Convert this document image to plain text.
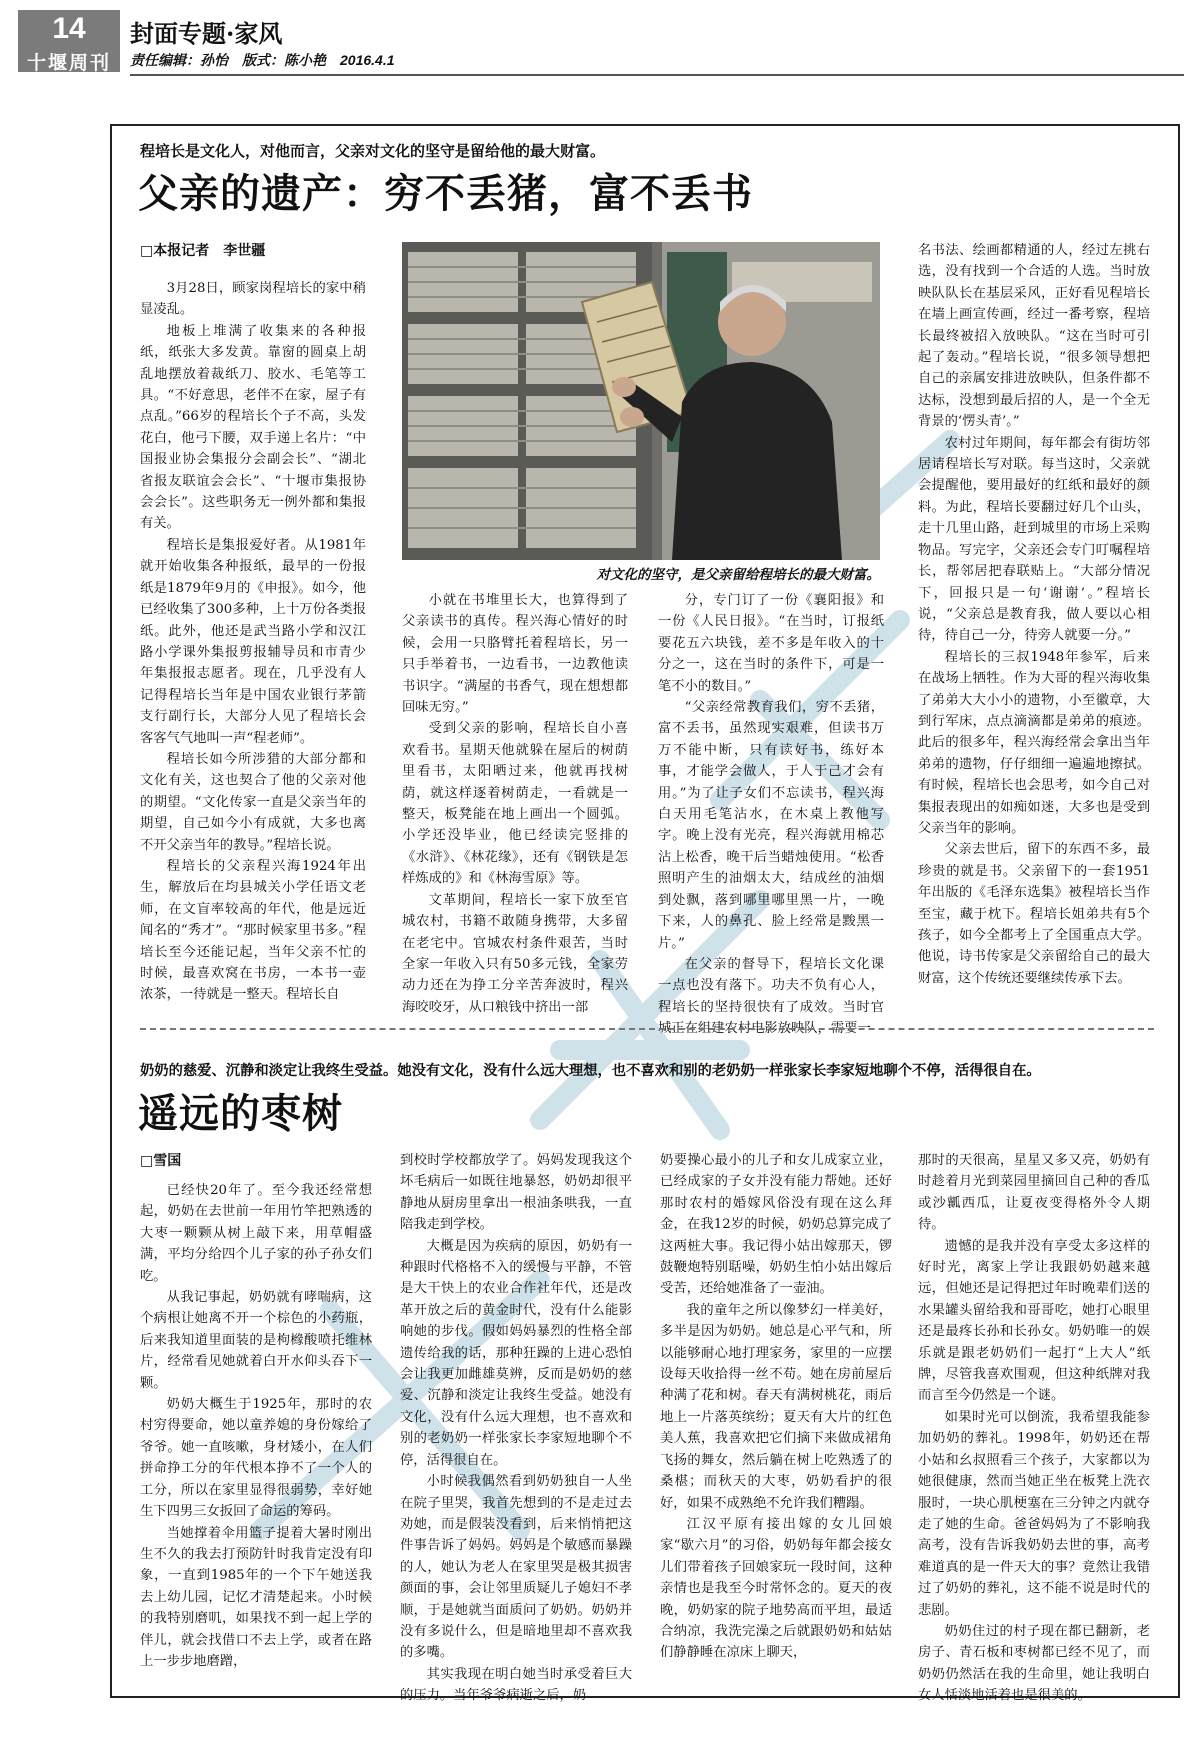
14
十堰周刊
封面专题·家风
责任编辑：孙怡　版式：陈小艳　2016.4.1
程培长是文化人，对他而言，父亲对文化的坚守是留给他的最大财富。
父亲的遗产：穷不丢猪，富不丢书
□本报记者　李世疆

3月28日，顾家岗程培长的家中稍显凌乱。

地板上堆满了收集来的各种报纸，纸张大多发黄。靠窗的圆桌上胡乱地摆放着裁纸刀、胶水、毛笔等工具。“不好意思，老伴不在家，屋子有点乱。”66岁的程培长个子不高，头发花白，他弓下腰，双手递上名片：“中国报业协会集报分会副会长”、“湖北省报友联谊会会长”、“十堰市集报协会会长”。这些职务无一例外都和集报有关。

程培长是集报爱好者。从1981年就开始收集各种报纸，最早的一份报纸是1879年9月的《申报》。如今，他已经收集了300多种，上十万份各类报纸。此外，他还是武当路小学和汉江路小学课外集报剪报辅导员和市青少年集报报志愿者。现在，几乎没有人记得程培长当年是中国农业银行茅箭支行副行长，大部分人见了程培长会客客气气地叫一声“程老师”。

程培长如今所涉猎的大部分都和文化有关，这也契合了他的父亲对他的期望。“文化传家一直是父亲当年的期望，自己如今小有成就，大多也离不开父亲当年的教导。”程培长说。

程培长的父亲程兴海1924年出生，解放后在均县城关小学任语文老师，在文盲率较高的年代，他是远近闻名的“秀才”。“那时候家里书多。”程培长至今还能记起，当年父亲不忙的时候，最喜欢窝在书房，一本书一壶浓茶，一待就是一整天。程培长自

对文化的坚守，是父亲留给程培长的最大财富。

小就在书堆里长大，也算得到了父亲读书的真传。程兴海心情好的时候，会用一只胳臂托着程培长，另一只手举着书，一边看书，一边教他读书识字。“满屋的书香气，现在想想都回味无穷。”

受到父亲的影响，程培长自小喜欢看书。星期天他就躲在屋后的树荫里看书，太阳晒过来，他就再找树荫，就这样逐着树荫走，一看就是一整天，板凳能在地上画出一个圆弧。小学还没毕业，他已经读完竖排的《水浒》、《林花缘》，还有《钢铁是怎样炼成的》和《林海雪原》等。

文革期间，程培长一家下放至官城农村，书籍不敢随身携带，大多留在老宅中。官城农村条件艰苦，当时全家一年收入只有50多元钱，全家劳动力还在为挣工分辛苦奔波时，程兴海咬咬牙，从口粮钱中挤出一部

分，专门订了一份《襄阳报》和一份《人民日报》。“在当时，订报纸要花五六块钱，差不多是年收入的十分之一，这在当时的条件下，可是一笔不小的数目。”

“父亲经常教育我们，穷不丢猪，富不丢书，虽然现实艰难，但读书万万不能中断，只有读好书，练好本事，才能学会做人，于人于己才会有用。”为了让子女们不忘读书，程兴海白天用毛笔沾水，在木桌上教他写字。晚上没有光亮，程兴海就用棉芯沾上松香，晚干后当蜡烛使用。“松香照明产生的油烟太大，结成丝的油烟到处飘，落到哪里哪里黑一片，一晚下来，人的鼻孔、脸上经常是黢黑一片。”

在父亲的督导下，程培长文化课一点也没有落下。功夫不负有心人，程培长的坚持很快有了成效。当时官城正在组建农村电影放映队，需要一

名书法、绘画都精通的人，经过左挑右选，没有找到一个合适的人选。当时放映队队长在基层采风，正好看见程培长在墙上画宣传画，经过一番考察，程培长最终被招入放映队。“这在当时可引起了轰动。”程培长说，“很多领导想把自己的亲属安排进放映队，但条件都不达标，没想到最后招的人，是一个全无背景的‘愣头青’。”

农村过年期间，每年都会有街坊邻居请程培长写对联。每当这时，父亲就会提醒他，要用最好的红纸和最好的颜料。为此，程培长要翻过好几个山头，走十几里山路，赶到城里的市场上采购物品。写完字，父亲还会专门叮嘱程培长，帮邻居把春联贴上。“大部分情况下，回报只是一句‘谢谢’。”程培长说，“父亲总是教育我，做人要以心相待，待自己一分，待旁人就要一分。”

程培长的三叔1948年参军，后来在战场上牺牲。作为大哥的程兴海收集了弟弟大大小小的遗物，小至徽章，大到行军床，点点滴滴都是弟弟的痕迹。此后的很多年，程兴海经常会拿出当年弟弟的遗物，仔仔细细一遍遍地擦拭。有时候，程培长也会思考，如今自己对集报表现出的如痴如迷，大多也是受到父亲当年的影响。

父亲去世后，留下的东西不多，最珍贵的就是书。父亲留下的一套1951年出版的《毛泽东选集》被程培长当作至宝，藏于枕下。程培长姐弟共有5个孩子，如今全都考上了全国重点大学。他说，诗书传家是父亲留给自己的最大财富，这个传统还要继续传承下去。

奶奶的慈爱、沉静和淡定让我终生受益。她没有文化，没有什么远大理想，也不喜欢和别的老奶奶一样张家长李家短地聊个不停，活得很自在。
遥远的枣树
□雪国

已经快20年了。至今我还经常想起，奶奶在去世前一年用竹竿把熟透的大枣一颗颗从树上敲下来，用草帽盛满，平均分给四个儿子家的孙子孙女们吃。

从我记事起，奶奶就有哮喘病，这个病根让她离不开一个棕色的小药瓶，后来我知道里面装的是枸橼酸喷托维林片，经常看见她就着白开水仰头吞下一颗。

奶奶大概生于1925年，那时的农村穷得要命，她以童养媳的身份嫁给了爷爷。她一直咳嗽，身材矮小，在人们拼命挣工分的年代根本挣不了一个人的工分，所以在家里显得很弱势，幸好她生下四男三女扳回了命运的筹码。

当她撑着伞用篮子提着大暑时刚出生不久的我去打预防针时我肯定没有印象，一直到1985年的一个下午她送我去上幼儿园，记忆才清楚起来。小时候的我特别磨叽，如果找不到一起上学的伴儿，就会找借口不去上学，或者在路上一步步地磨蹭，

到校时学校都放学了。妈妈发现我这个坏毛病后一如既往地暴怒，奶奶却很平静地从厨房里拿出一根油条哄我，一直陪我走到学校。

大概是因为疾病的原因，奶奶有一种跟时代格格不入的缓慢与平静，不管是大干快上的农业合作社年代，还是改革开放之后的黄金时代，没有什么能影响她的步伐。假如妈妈暴烈的性格全部遗传给我的话，那种狂躁的上进心恐怕会让我更加雌雄莫辨，反而是奶奶的慈爱、沉静和淡定让我终生受益。她没有文化，没有什么远大理想，也不喜欢和别的老奶奶一样张家长李家短地聊个不停，活得很自在。

小时候我偶然看到奶奶独自一人坐在院子里哭，我首先想到的不是走过去劝她，而是假装没看到，后来悄悄把这件事告诉了妈妈。妈妈是个敏感而暴躁的人，她认为老人在家里哭是极其损害颜面的事，会让邻里质疑儿子媳妇不孝顺，于是她就当面质问了奶奶。奶奶并没有多说什么，但是暗地里却不喜欢我的多嘴。

其实我现在明白她当时承受着巨大的压力。当年爷爷病逝之后，奶

奶要操心最小的儿子和女儿成家立业，已经成家的子女并没有能力帮她。还好那时农村的婚嫁风俗没有现在这么拜金，在我12岁的时候，奶奶总算完成了这两桩大事。我记得小姑出嫁那天，锣鼓鞭炮特别聒噪，奶奶生怕小姑出嫁后受苦，还给她准备了一壶油。

我的童年之所以像梦幻一样美好，多半是因为奶奶。她总是心平气和，所以能够耐心地打理家务，家里的一应摆设每天收拾得一丝不苟。她在房前屋后种满了花和树。春天有满树桃花，雨后地上一片落英缤纷；夏天有大片的红色美人蕉，我喜欢把它们摘下来做成裙角飞扬的舞女，然后躺在树上吃熟透了的桑椹；而秋天的大枣，奶奶看护的很好，如果不成熟绝不允许我们糟蹋。

江汉平原有接出嫁的女儿回娘家“歇六月”的习俗，奶奶每年都会接女儿们带着孩子回娘家玩一段时间，这种亲情也是我至今时常怀念的。夏天的夜晚，奶奶家的院子地势高而平坦，最适合纳凉，我洗完澡之后就跟奶奶和姑姑们静静睡在凉床上聊天，

那时的天很高，星星又多又亮，奶奶有时趁着月光到菜园里摘回自己种的香瓜或沙瓤西瓜，让夏夜变得格外令人期待。

遗憾的是我并没有享受太多这样的好时光，离家上学让我跟奶奶越来越远，但她还是记得把过年时晚辈们送的水果罐头留给我和哥哥吃，她打心眼里还是最疼长孙和长孙女。奶奶唯一的娱乐就是跟老奶奶们一起打“上大人”纸牌，尽管我喜欢围观，但这种纸牌对我而言至今仍然是一个谜。

如果时光可以倒流，我希望我能参加奶奶的葬礼。1998年，奶奶还在帮小姑和幺叔照看三个孩子，大家都以为她很健康，然而当她正坐在板凳上洗衣服时，一块心肌梗塞在三分钟之内就夺走了她的生命。爸爸妈妈为了不影响我高考，没有告诉我奶奶去世的事，高考难道真的是一件天大的事？竟然让我错过了奶奶的葬礼，这不能不说是时代的悲剧。

奶奶住过的村子现在都已翻新，老房子、青石板和枣树都已经不见了，而奶奶仍然活在我的生命里，她让我明白女人恬淡地活着也是很美的。
